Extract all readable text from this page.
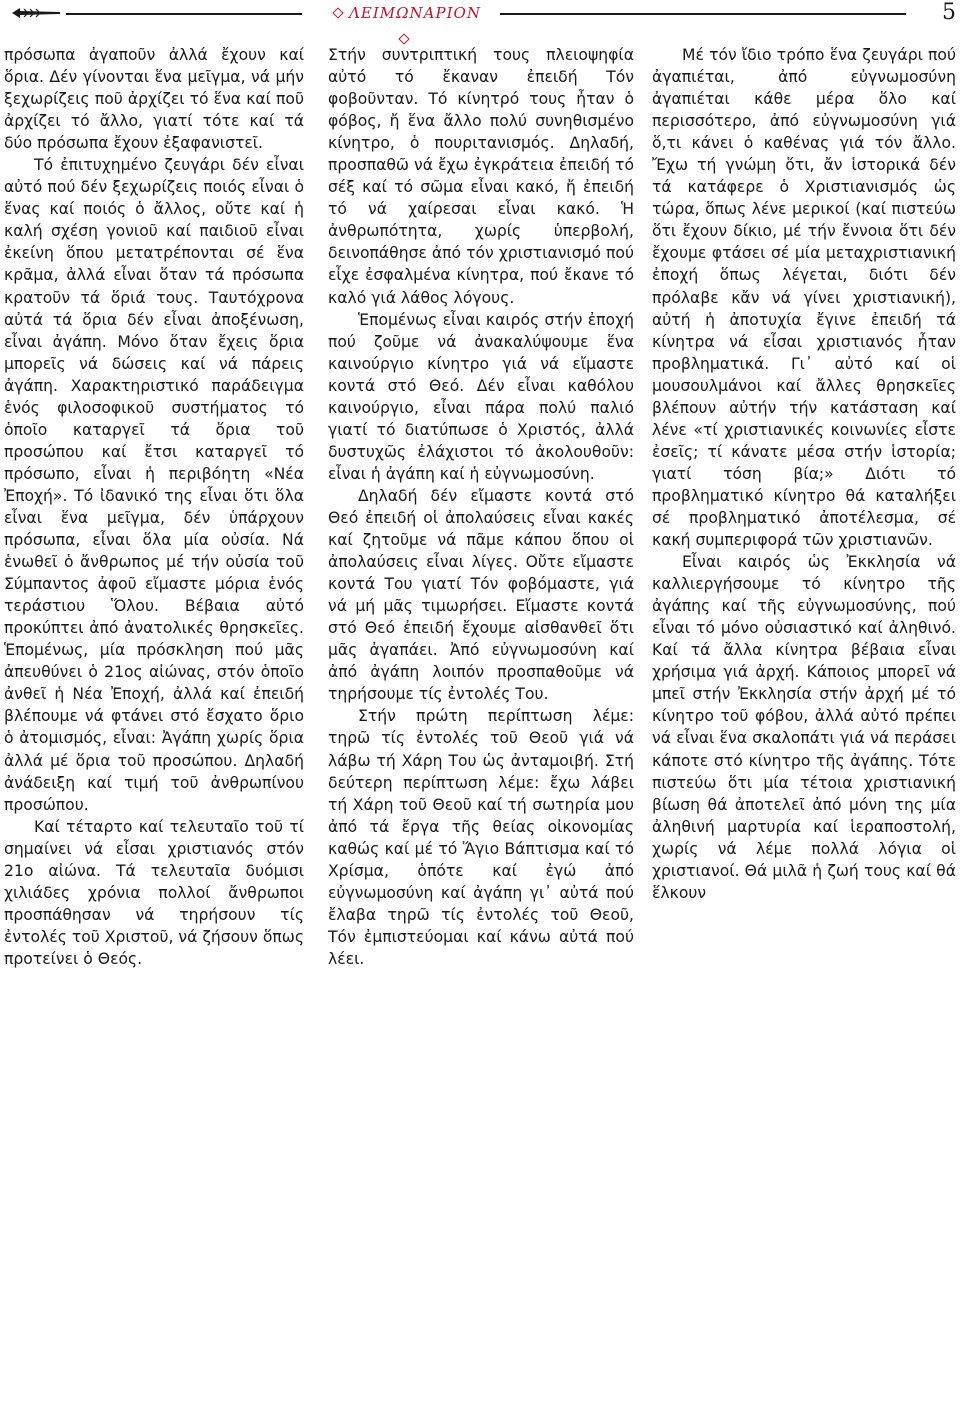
ΛΕΙΜΩΝΑΡΙΟΝ	5

πρόσωπα ἀγαποῦν ἀλλά ἔχουν καί ὅρια. Δέν γίνονται ἕνα μεῖγμα, νά μήν ξεχωρίζεις ποῦ ἀρχίζει τό ἕνα καί ποῦ ἀρχίζει τό ἄλλο, γιατί τότε καί τά δύο πρόσωπα ἔχουν ἐξαφανιστεῖ.

Τό ἐπιτυχημένο ζευγάρι δέν εἶναι αὐτό πού δέν ξεχωρίζεις ποιός εἶναι ὁ ἕνας καί ποιός ὁ ἄλλος, οὔτε καί ἡ καλή σχέση γονιοῦ καί παιδιοῦ εἶναι ἐκείνη ὅπου μετατρέπονται σέ ἕνα κρᾶμα, ἀλλά εἶναι ὅταν τά πρόσωπα κρατοῦν τά ὅριά τους. Ταυτόχρονα αὐτά τά ὅρια δέν εἶναι ἀποξένωση, εἶναι ἀγάπη. Μόνο ὅταν ἔχεις ὅρια μπορεῖς νά δώσεις καί νά πάρεις ἀγάπη. Χαρακτηριστικό παράδειγμα ἑνός φιλοσοφικοῦ συστήματος τό ὁποῖο καταργεῖ τά ὅρια τοῦ προσώπου καί ἔτσι καταργεῖ τό πρόσωπο, εἶναι ἡ περιβόητη «Νέα Ἐποχή». Τό ἰδανικό της εἶναι ὅτι ὅλα εἶναι ἕνα μεῖγμα, δέν ὑπάρχουν πρόσωπα, εἶναι ὅλα μία οὐσία. Νά ἑνωθεῖ ὁ ἄνθρωπος μέ τήν οὐσία τοῦ Σύμπαντος ἀφοῦ εἴμαστε μόρια ἑνός τεράστιου Ὅλου. Βέβαια αὐτό προκύπτει ἀπό ἀνατολικές θρησκεῖες. Ἑπομένως, μία πρόσκληση πού μᾶς ἀπευθύνει ὁ 21ος αἰώνας, στόν ὁποῖο ἀνθεῖ ἡ Νέα Ἐποχή, ἀλλά καί ἐπειδή βλέπουμε νά φτάνει στό ἔσχατο ὅριο ὁ ἀτομισμός, εἶναι: Ἀγάπη χωρίς ὅρια ἀλλά μέ ὅρια τοῦ προσώπου. Δηλαδή ἀνάδειξη καί τιμή τοῦ ἀνθρωπίνου προσώπου.

Καί τέταρτο καί τελευταῖο τοῦ τί σημαίνει νά εἶσαι χριστιανός στόν 21ο αἰώνα. Τά τελευταῖα δυόμισι χιλιάδες χρόνια πολλοί ἄνθρωποι προσπάθησαν νά τηρήσουν τίς ἐντολές τοῦ Χριστοῦ, νά ζήσουν ὅπως προτείνει ὁ Θεός.

Στήν συντριπτική τους πλειοψηφία αὐτό τό ἔκαναν ἐπειδή Τόν φοβοῦνταν. Τό κίνητρό τους ἦταν ὁ φόβος, ἤ ἕνα ἄλλο πολύ συνηθισμένο κίνητρο, ὁ πουριτανισμός. Δηλαδή, προσπαθῶ νά ἔχω ἐγκράτεια ἐπειδή τό σέξ καί τό σῶμα εἶναι κακό, ἤ ἐπειδή τό νά χαίρεσαι εἶναι κακό. Ἡ ἀνθρωπότητα, χωρίς ὑπερβολή, δεινοπάθησε ἀπό τόν χριστιανισμό πού εἶχε ἐσφαλμένα κίνητρα, πού ἔκανε τό καλό γιά λάθος λόγους.

Ἑπομένως εἶναι καιρός στήν ἐποχή πού ζοῦμε νά ἀνακαλύψουμε ἕνα καινούργιο κίνητρο γιά νά εἴμαστε κοντά στό Θεό. Δέν εἶναι καθόλου καινούργιο, εἶναι πάρα πολύ παλιό γιατί τό διατύπωσε ὁ Χριστός, ἀλλά δυστυχῶς ἐλάχιστοι τό ἀκολουθοῦν: εἶναι ἡ ἀγάπη καί ἡ εὐγνωμοσύνη.

Δηλαδή δέν εἴμαστε κοντά στό Θεό ἐπειδή οἱ ἀπολαύσεις εἶναι κακές καί ζητοῦμε νά πᾶμε κάπου ὅπου οἱ ἀπολαύσεις εἶναι λίγες. Οὔτε εἴμαστε κοντά Του γιατί Τόν φοβόμαστε, γιά νά μή μᾶς τιμωρήσει. Εἴμαστε κοντά στό Θεό ἐπειδή ἔχουμε αἰσθανθεῖ ὅτι μᾶς ἀγαπάει. Ἀπό εὐγνωμοσύνη καί ἀπό ἀγάπη λοιπόν προσπαθοῦμε νά τηρήσουμε τίς ἐντολές Του.

Στήν πρώτη περίπτωση λέμε: τηρῶ τίς ἐντολές τοῦ Θεοῦ γιά νά λάβω τή Χάρη Του ὡς ἀνταμοιβή. Στή δεύτερη περίπτωση λέμε: ἔχω λάβει τή Χάρη τοῦ Θεοῦ καί τή σωτηρία μου ἀπό τά ἔργα τῆς θείας οἰκονομίας καθώς καί μέ τό Ἅγιο Βάπτισμα καί τό Χρίσμα, ὁπότε καί ἐγώ ἀπό εὐγνωμοσύνη καί ἀγάπη γι᾽ αὐτά πού ἔλαβα τηρῶ τίς ἐντολές τοῦ Θεοῦ, Τόν ἐμπιστεύομαι καί κάνω αὐτά πού λέει.

Μέ τόν ἴδιο τρόπο ἕνα ζευγάρι πού ἀγαπιέται, ἀπό εὐγνωμοσύνη ἀγαπιέται κάθε μέρα ὅλο καί περισσότερο, ἀπό εὐγνωμοσύνη γιά ὅ,τι κάνει ὁ καθένας γιά τόν ἄλλο. Ἔχω τή γνώμη ὅτι, ἄν ἱστορικά δέν τά κατάφερε ὁ Χριστιανισμός ὡς τώρα, ὅπως λένε μερικοί (καί πιστεύω ὅτι ἔχουν δίκιο, μέ τήν ἔννοια ὅτι δέν ἔχουμε φτάσει σέ μία μεταχριστιανική ἐποχή ὅπως λέγεται, διότι δέν πρόλαβε κἄν νά γίνει χριστιανική), αὐτή ἡ ἀποτυχία ἔγινε ἐπειδή τά κίνητρα νά εἶσαι χριστιανός ἦταν προβληματικά. Γι᾽ αὐτό καί οἱ μουσουλμάνοι καί ἄλλες θρησκεῖες βλέπουν αὐτήν τήν κατάσταση καί λένε «τί χριστιανικές κοινωνίες εἶστε ἐσεῖς; τί κάνατε μέσα στήν ἱστορία; γιατί τόση βία;» Διότι τό προβληματικό κίνητρο θά καταλήξει σέ προβληματικό ἀποτέλεσμα, σέ κακή συμπεριφορά τῶν χριστιανῶν.

Εἶναι καιρός ὡς Ἐκκλησία νά καλλιεργήσουμε τό κίνητρο τῆς ἀγάπης καί τῆς εὐγνωμοσύνης, πού εἶναι τό μόνο οὐσιαστικό καί ἀληθινό. Καί τά ἄλλα κίνητρα βέβαια εἶναι χρήσιμα γιά ἀρχή. Κάποιος μπορεῖ νά μπεῖ στήν Ἐκκλησία στήν ἀρχή μέ τό κίνητρο τοῦ φόβου, ἀλλά αὐτό πρέπει νά εἶναι ἕνα σκαλοπάτι γιά νά περάσει κάποτε στό κίνητρο τῆς ἀγάπης. Τότε πιστεύω ὅτι μία τέτοια χριστιανική βίωση θά ἀποτελεῖ ἀπό μόνη της μία ἀληθινή μαρτυρία καί ἱεραποστολή, χωρίς νά λέμε πολλά λόγια οἱ χριστιανοί. Θά μιλᾶ ἡ ζωή τους καί θά ἕλκουν
